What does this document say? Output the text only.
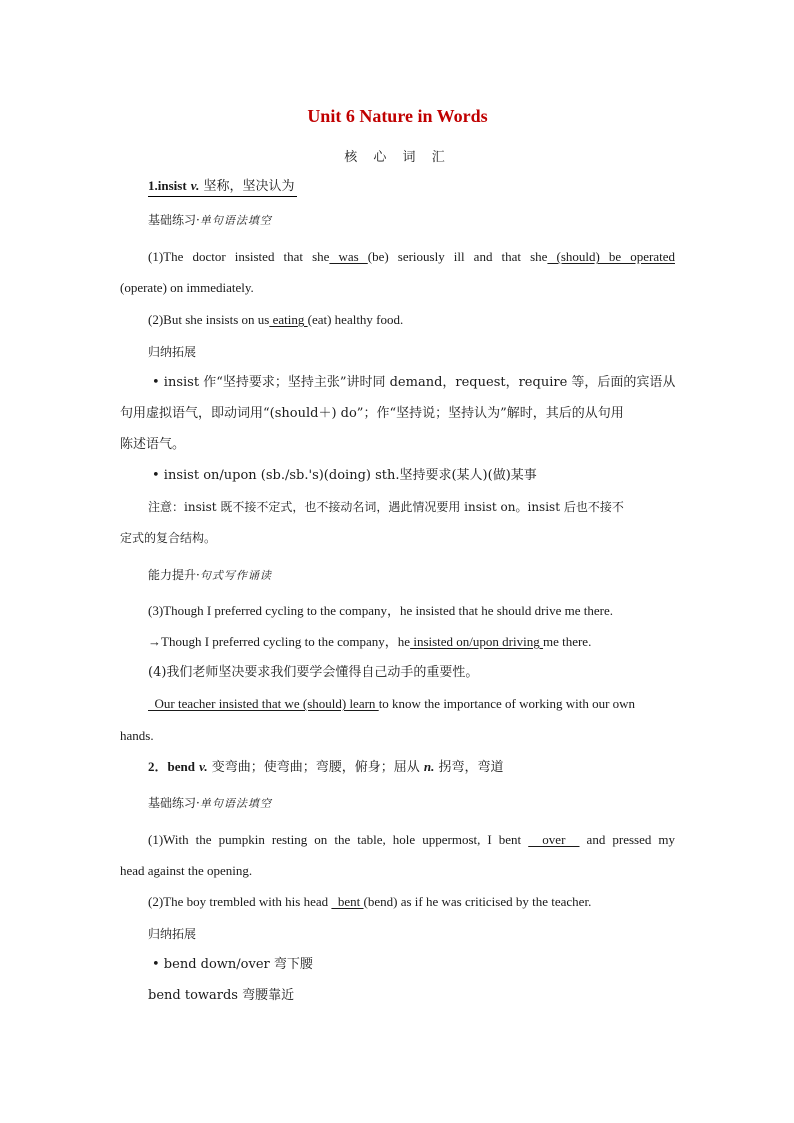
Unit 6 Nature in Words
核 心 词 汇
1.insist v. 坚称，坚决认为
基础练习·单句语法填空
(1)The doctor insisted that she was (be) seriously ill and that she (should) be operated
(operate) on immediately.
(2)But she insists on us eating (eat) healthy food.
归纳拓展
• insist 作“坚持要求；坚持主张”讲时同 demand，request，require 等，后面的宾语从
句用虚拟语气，即动词用“(should＋) do”；作“坚持说；坚持认为”解时，其后的从句用
陈述语气。
• insist on/upon (sb./sb.'s)(doing) sth.坚持要求(某人)(做)某事
注意：insist 既不接不定式，也不接动名词，遇此情况要用 insist on。insist 后也不接不
定式的复合结构。
能力提升·句式写作诵读
(3)Though I preferred cycling to the company，he insisted that he should drive me there.
→Though I preferred cycling to the company，he insisted on/upon driving me there.
(4)我们老师坚决要求我们要学会懂得自己动手的重要性。
Our teacher insisted that we (should) learn to know the importance of working with our own
hands.
2．bend v. 变弯曲；使弯曲；弯腰，俯身；屈从 n. 拐弯，弯道
基础练习·单句语法填空
(1)With the pumpkin resting on the table, hole uppermost, I bent   over   and pressed my
head against the opening.
(2)The boy trembled with his head   bent (bend) as if he was criticised by the teacher.
归纳拓展
• bend down/over 弯下腰
bend towards 弯腰靠近
